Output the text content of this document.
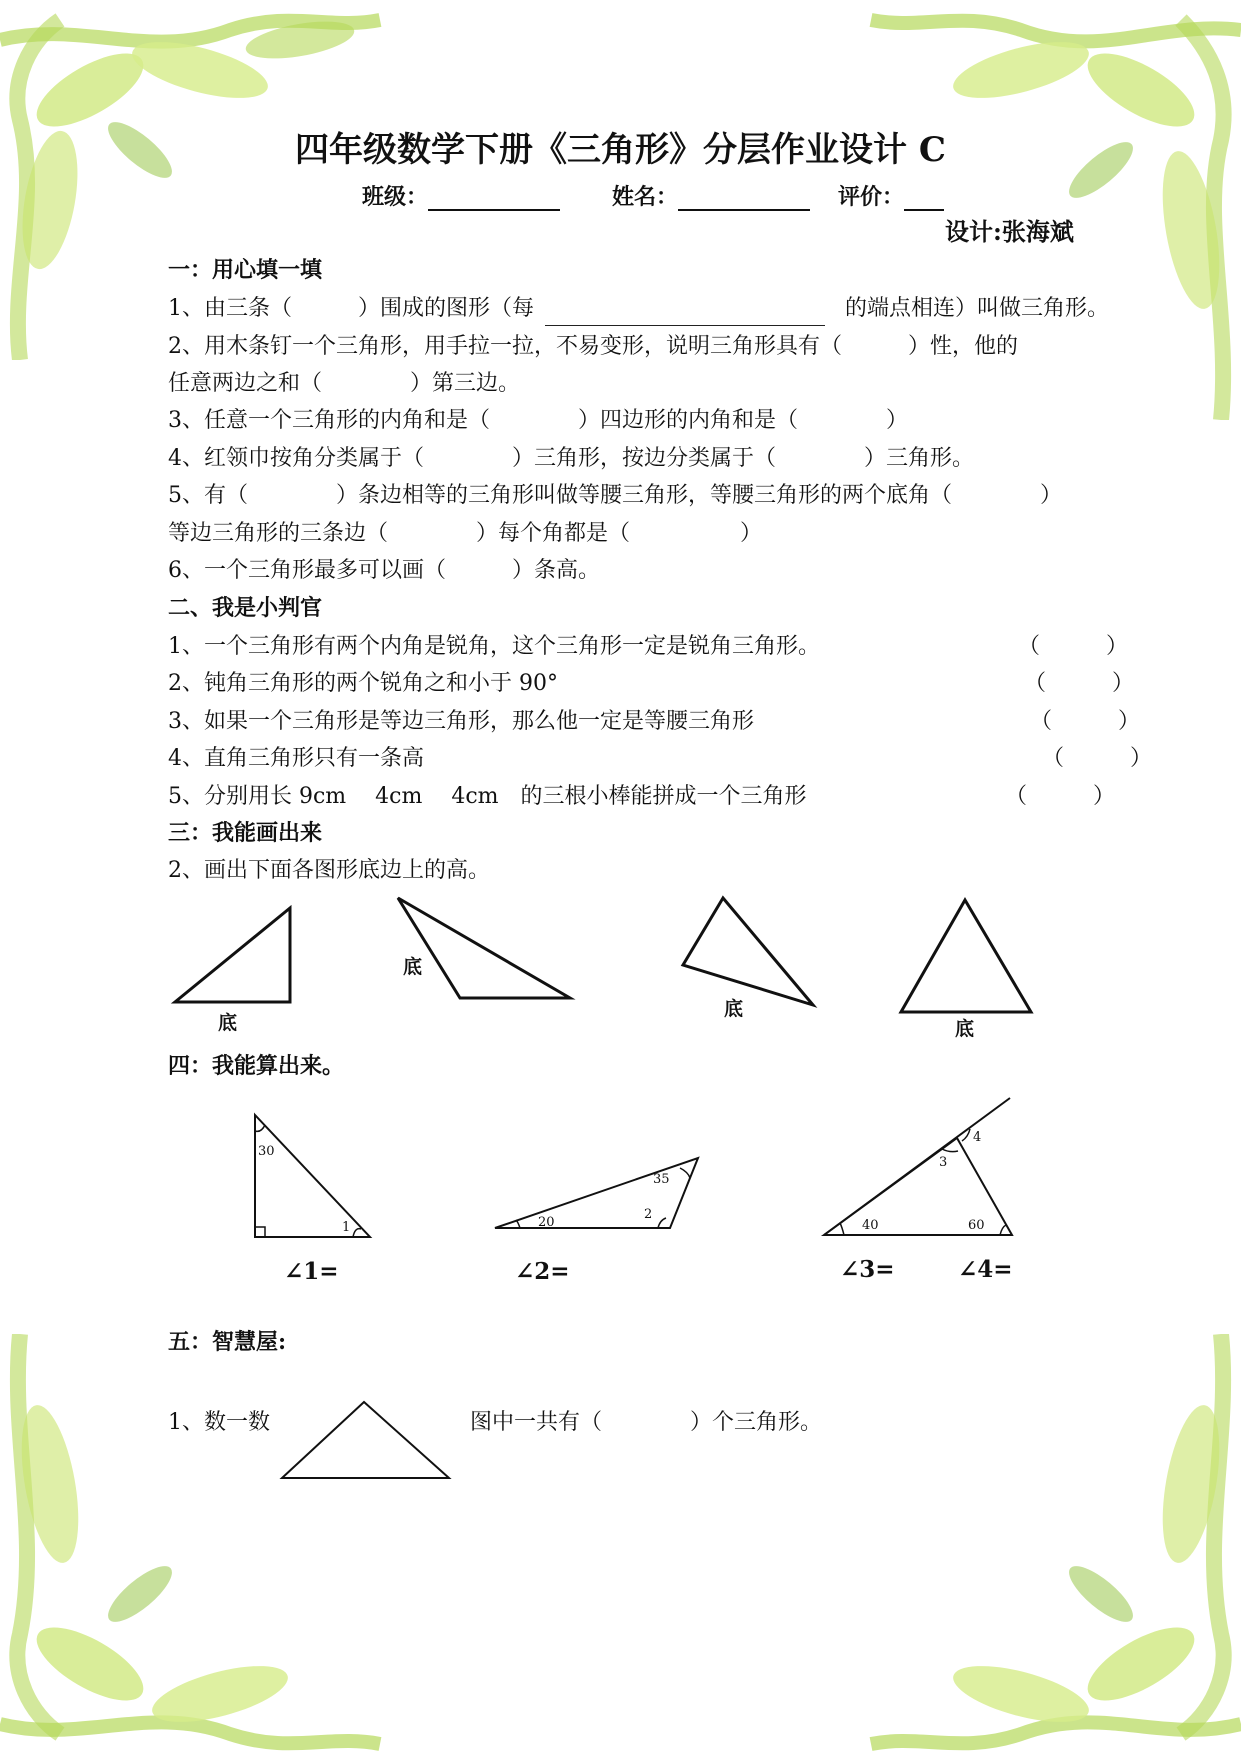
四年级数学下册《三角形》分层作业设计 C
班级：	姓名：	评价：
设计:张海斌
一：用心填一填
1、由三条（　　　）围成的图形（每	的端点相连）叫做三角形。
2、用木条钉一个三角形，用手拉一拉，不易变形，说明三角形具有（　　　）性，他的
任意两边之和（　　　　）第三边。
3、任意一个三角形的内角和是（　　　　）四边形的内角和是（　　　　）
4、红领巾按角分类属于（　　　　）三角形，按边分类属于（　　　　）三角形。
5、有（　　　　）条边相等的三角形叫做等腰三角形，等腰三角形的两个底角（　　　　）
等边三角形的三条边（　　　　）每个角都是（　　　　　）
6、一个三角形最多可以画（　　　）条高。
二、我是小判官
1、一个三角形有两个内角是锐角，这个三角形一定是锐角三角形。	（　　　）
2、钝角三角形的两个锐角之和小于 90°	（　　　）
3、如果一个三角形是等边三角形，那么他一定是等腰三角形	（　　　）
4、直角三角形只有一条高	（　　　）
5、分别用长 9cm　 4cm　 4cm　的三根小棒能拼成一个三角形	（　　　）
三：我能画出来
2、画出下面各图形底边上的高。
底
底
底
底
四：我能算出来。
30
1
∠1=
35
20
2
∠2=
4
3
40	60
∠3=	∠4=
五：智慧屋:
1、数一数	图中一共有（　　　　）个三角形。
